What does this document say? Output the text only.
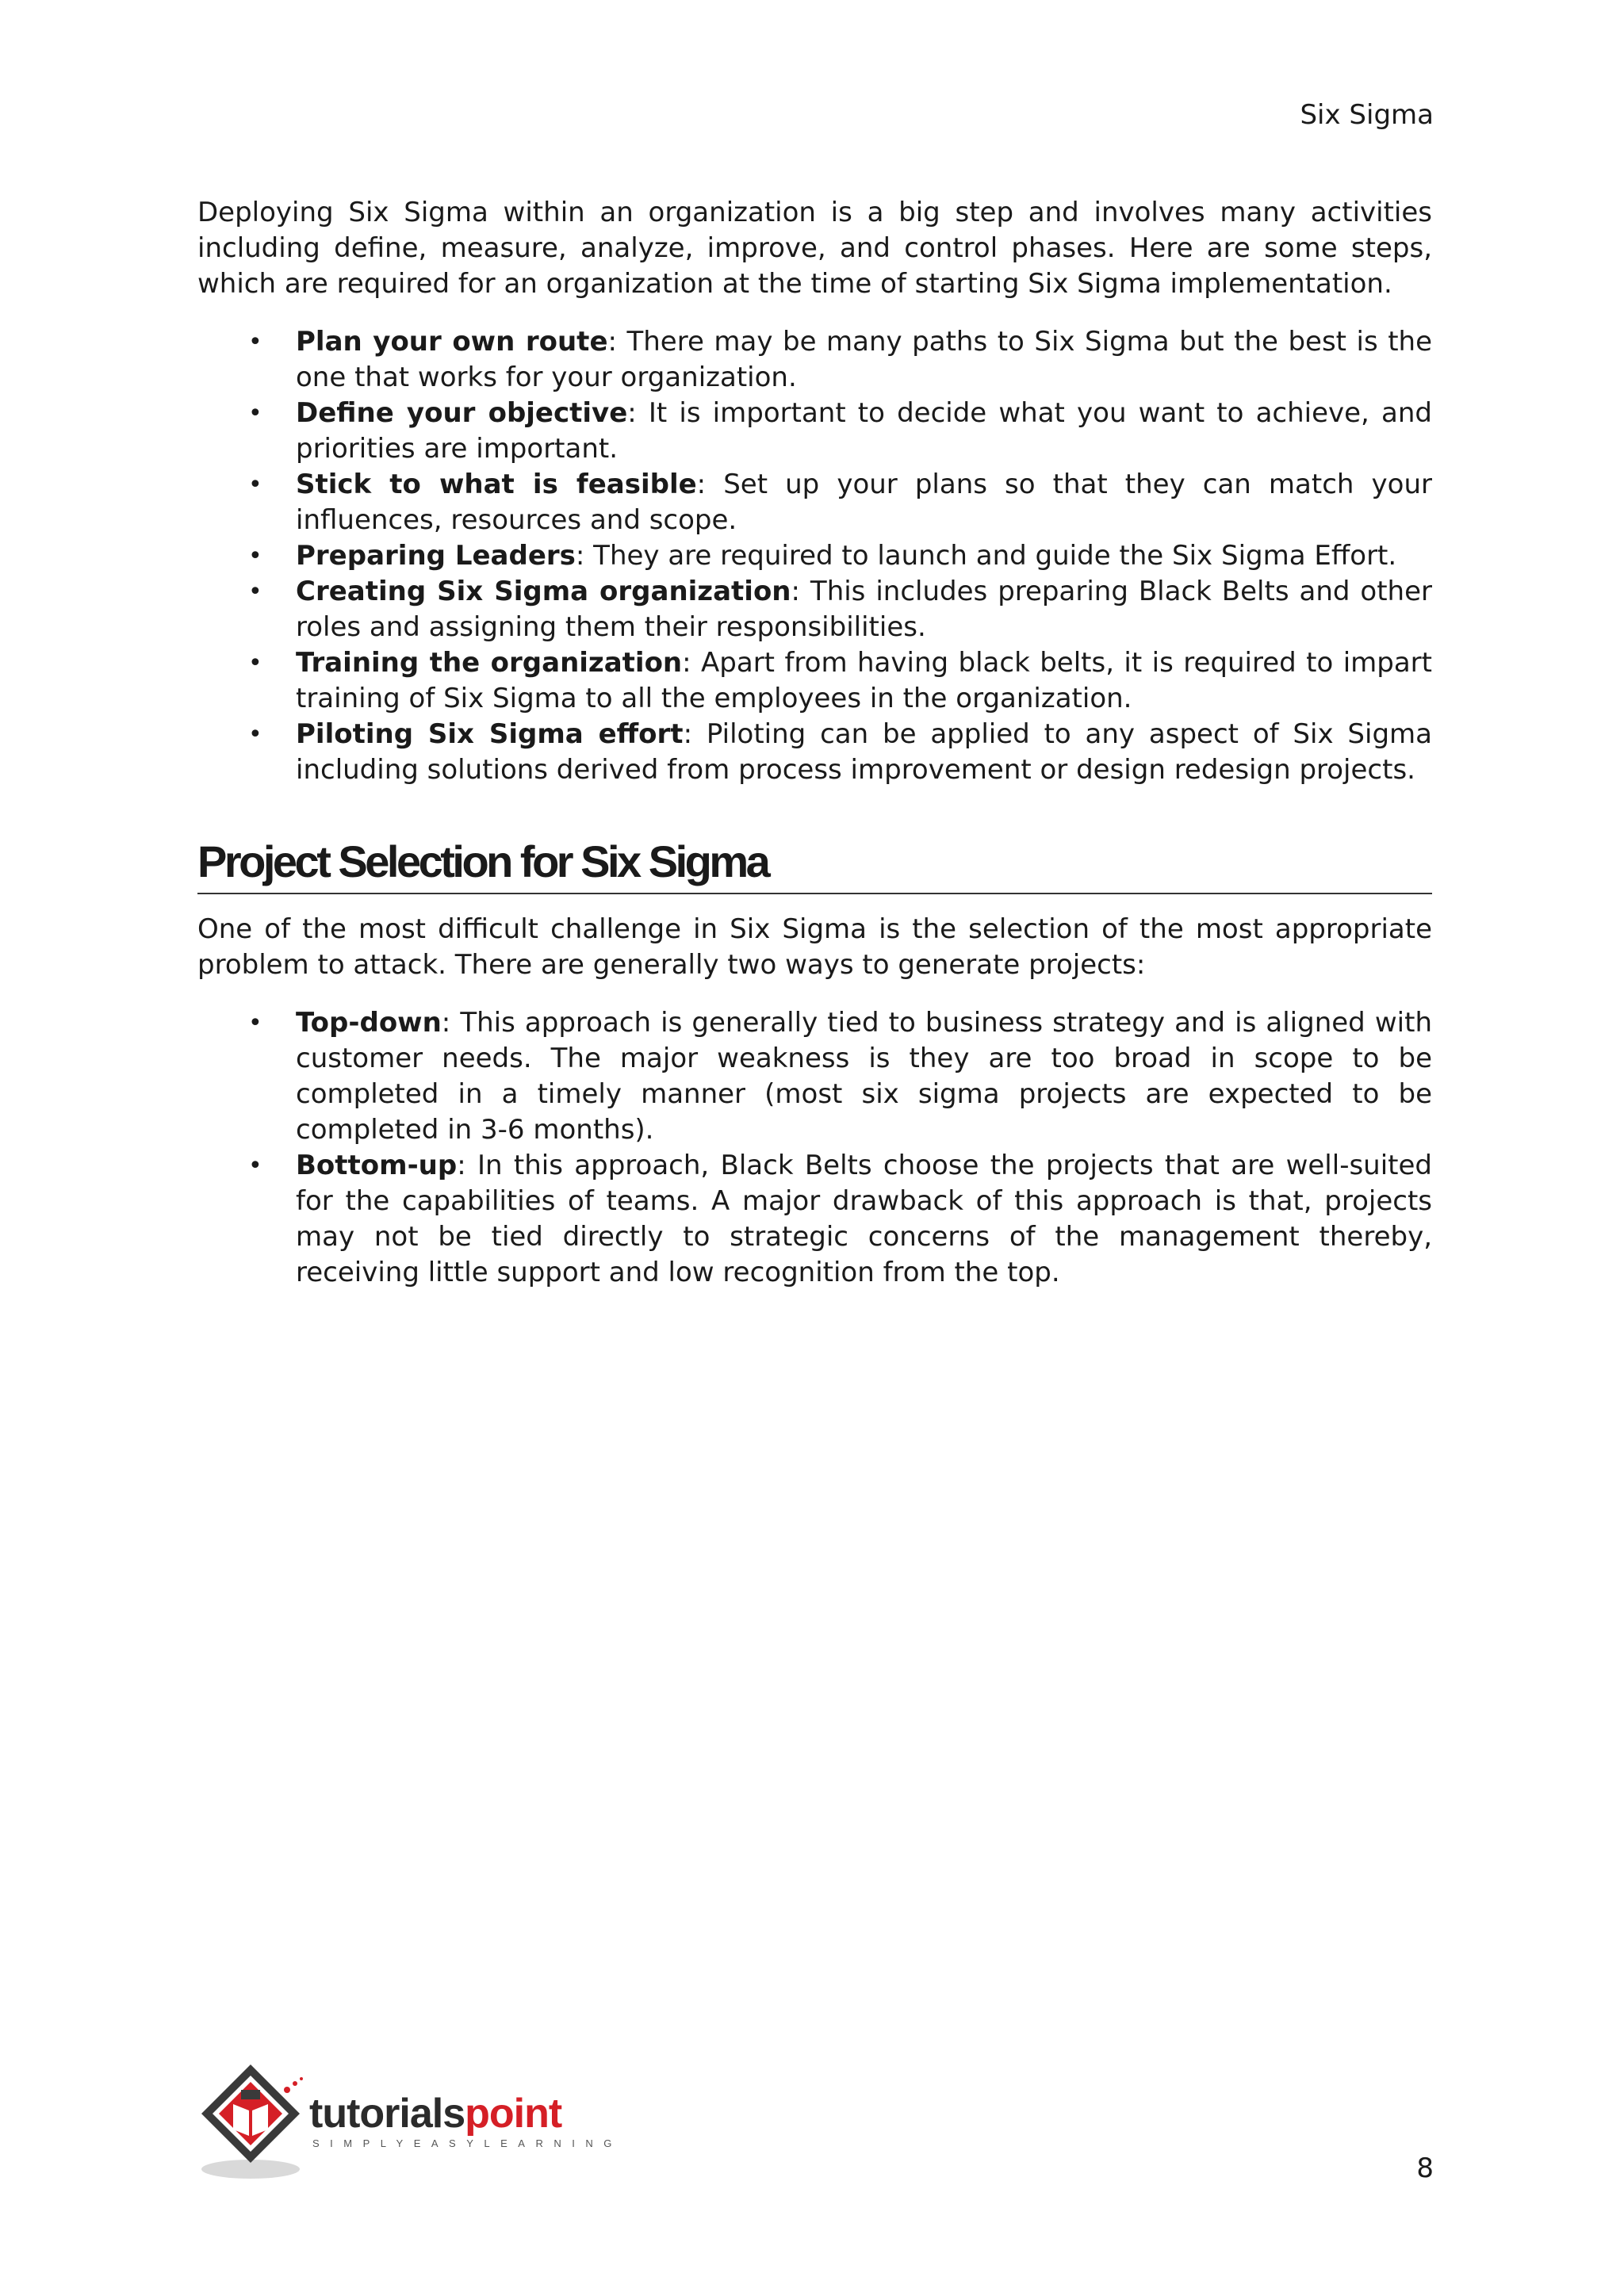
Six Sigma

Deploying Six Sigma within an organization is a big step and involves many activities including define, measure, analyze, improve, and control phases. Here are some steps, which are required for an organization at the time of starting Six Sigma implementation.

• Plan your own route: There may be many paths to Six Sigma but the best is the one that works for your organization.
• Define your objective: It is important to decide what you want to achieve, and priorities are important.
• Stick to what is feasible: Set up your plans so that they can match your influences, resources and scope.
• Preparing Leaders: They are required to launch and guide the Six Sigma Effort.
• Creating Six Sigma organization: This includes preparing Black Belts and other roles and assigning them their responsibilities.
• Training the organization: Apart from having black belts, it is required to impart training of Six Sigma to all the employees in the organization.
• Piloting Six Sigma effort: Piloting can be applied to any aspect of Six Sigma including solutions derived from process improvement or design redesign projects.
Project Selection for Six Sigma

One of the most difficult challenge in Six Sigma is the selection of the most appropriate problem to attack. There are generally two ways to generate projects:

• Top-down: This approach is generally tied to business strategy and is aligned with customer needs. The major weakness is they are too broad in scope to be completed in a timely manner (most six sigma projects are expected to be completed in 3-6 months).
• Bottom-up: In this approach, Black Belts choose the projects that are well-suited for the capabilities of teams. A major drawback of this approach is that, projects may not be tied directly to strategic concerns of the management thereby, receiving little support and low recognition from the top.
tutorialspoint
SIMPLYEASYLEARNING
8
